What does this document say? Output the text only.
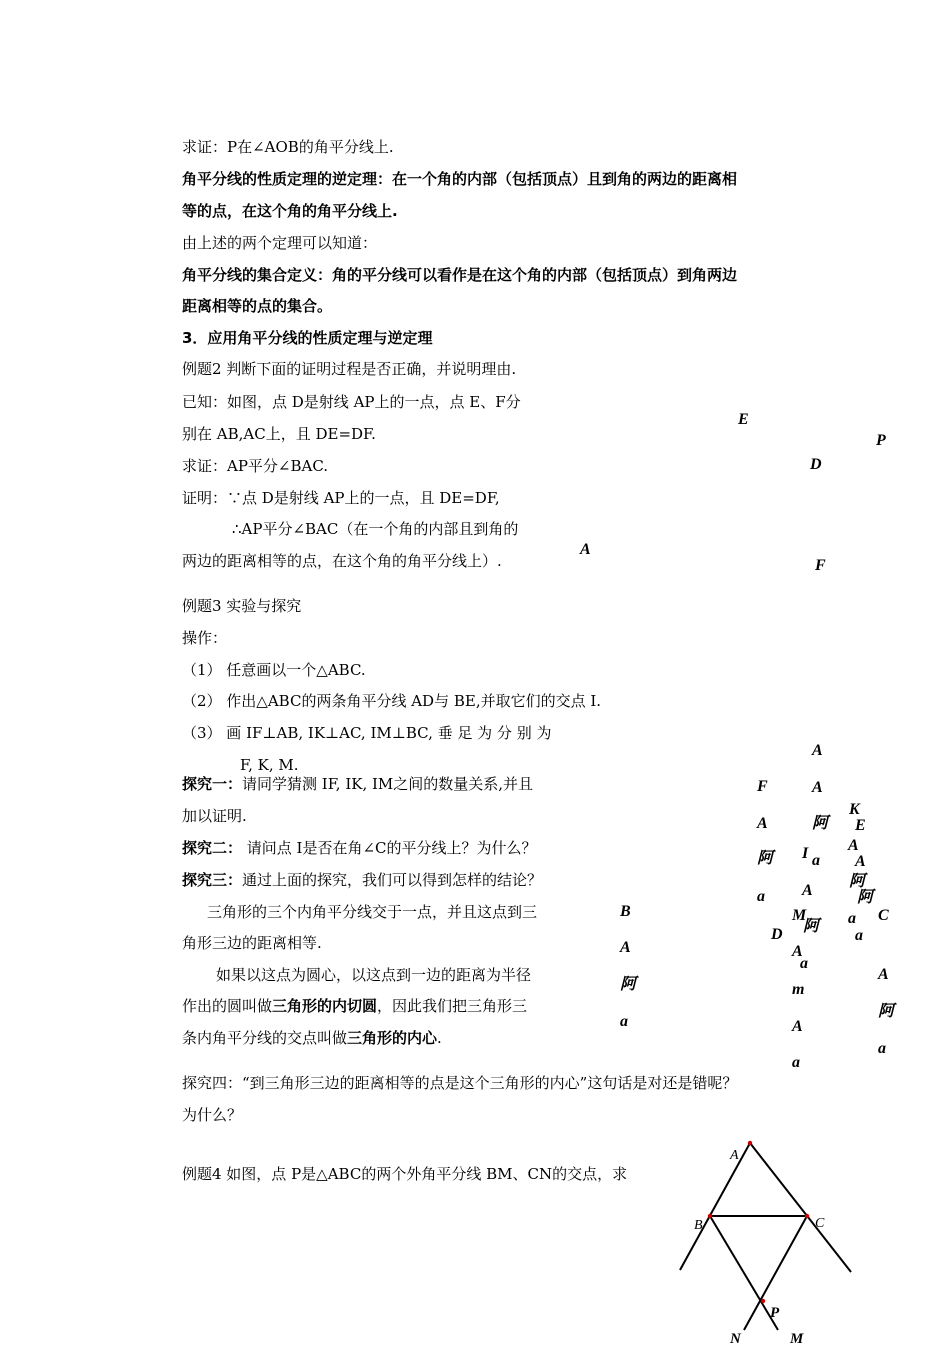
求证：P在∠AOB的角平分线上.
角平分线的性质定理的逆定理：在一个角的内部（包括顶点）且到角的两边的距离相
等的点，在这个角的角平分线上.
由上述的两个定理可以知道：
角平分线的集合定义：角的平分线可以看作是在这个角的内部（包括顶点）到角两边
距离相等的点的集合。
3．应用角平分线的性质定理与逆定理
例题2 判断下面的证明过程是否正确，并说明理由.
已知：如图，点 D是射线 AP上的一点，点 E、F分
别在 AB,AC上，且 DE=DF.
求证：AP平分∠BAC.
证明：∵点 D是射线 AP上的一点，且 DE=DF,
∴AP平分∠BAC（在一个角的内部且到角的
两边的距离相等的点，在这个角的角平分线上）.
例题3 实验与探究
操作：
（1） 任意画以一个△ABC.
（2） 作出△ABC的两条角平分线 AD与 BE,并取它们的交点 I.
（3） 画 IF⊥AB, IK⊥AC, IM⊥BC, 垂 足 为 分 别 为
F, K, M.
探究一：请同学猜测 IF, IK, IM之间的数量关系,并且
加以证明.
探究二： 请问点 I是否在角∠C的平分线上？为什么？
探究三：通过上面的探究，我们可以得到怎样的结论？
三角形的三个内角平分线交于一点，并且这点到三
角形三边的距离相等.
如果以这点为圆心，以这点到一边的距离为半径
作出的圆叫做三角形的内切圆，因此我们把三角形三
条内角平分线的交点叫做三角形的内心.
探究四：“到三角形三边的距离相等的点是这个三角形的内心”这句话是对还是错呢？
为什么？
例题4 如图，点 P是△ABC的两个外角平分线 BM、CN的交点，求
E
P
D
A
F
A
F	A
K
A	阿 E
A
阿 I a A
阿
a A	阿
B	M	a C
阿
D	a
A	A
a
A
阿	m
阿
a	A
a
a
A
B	C
P
N	M
